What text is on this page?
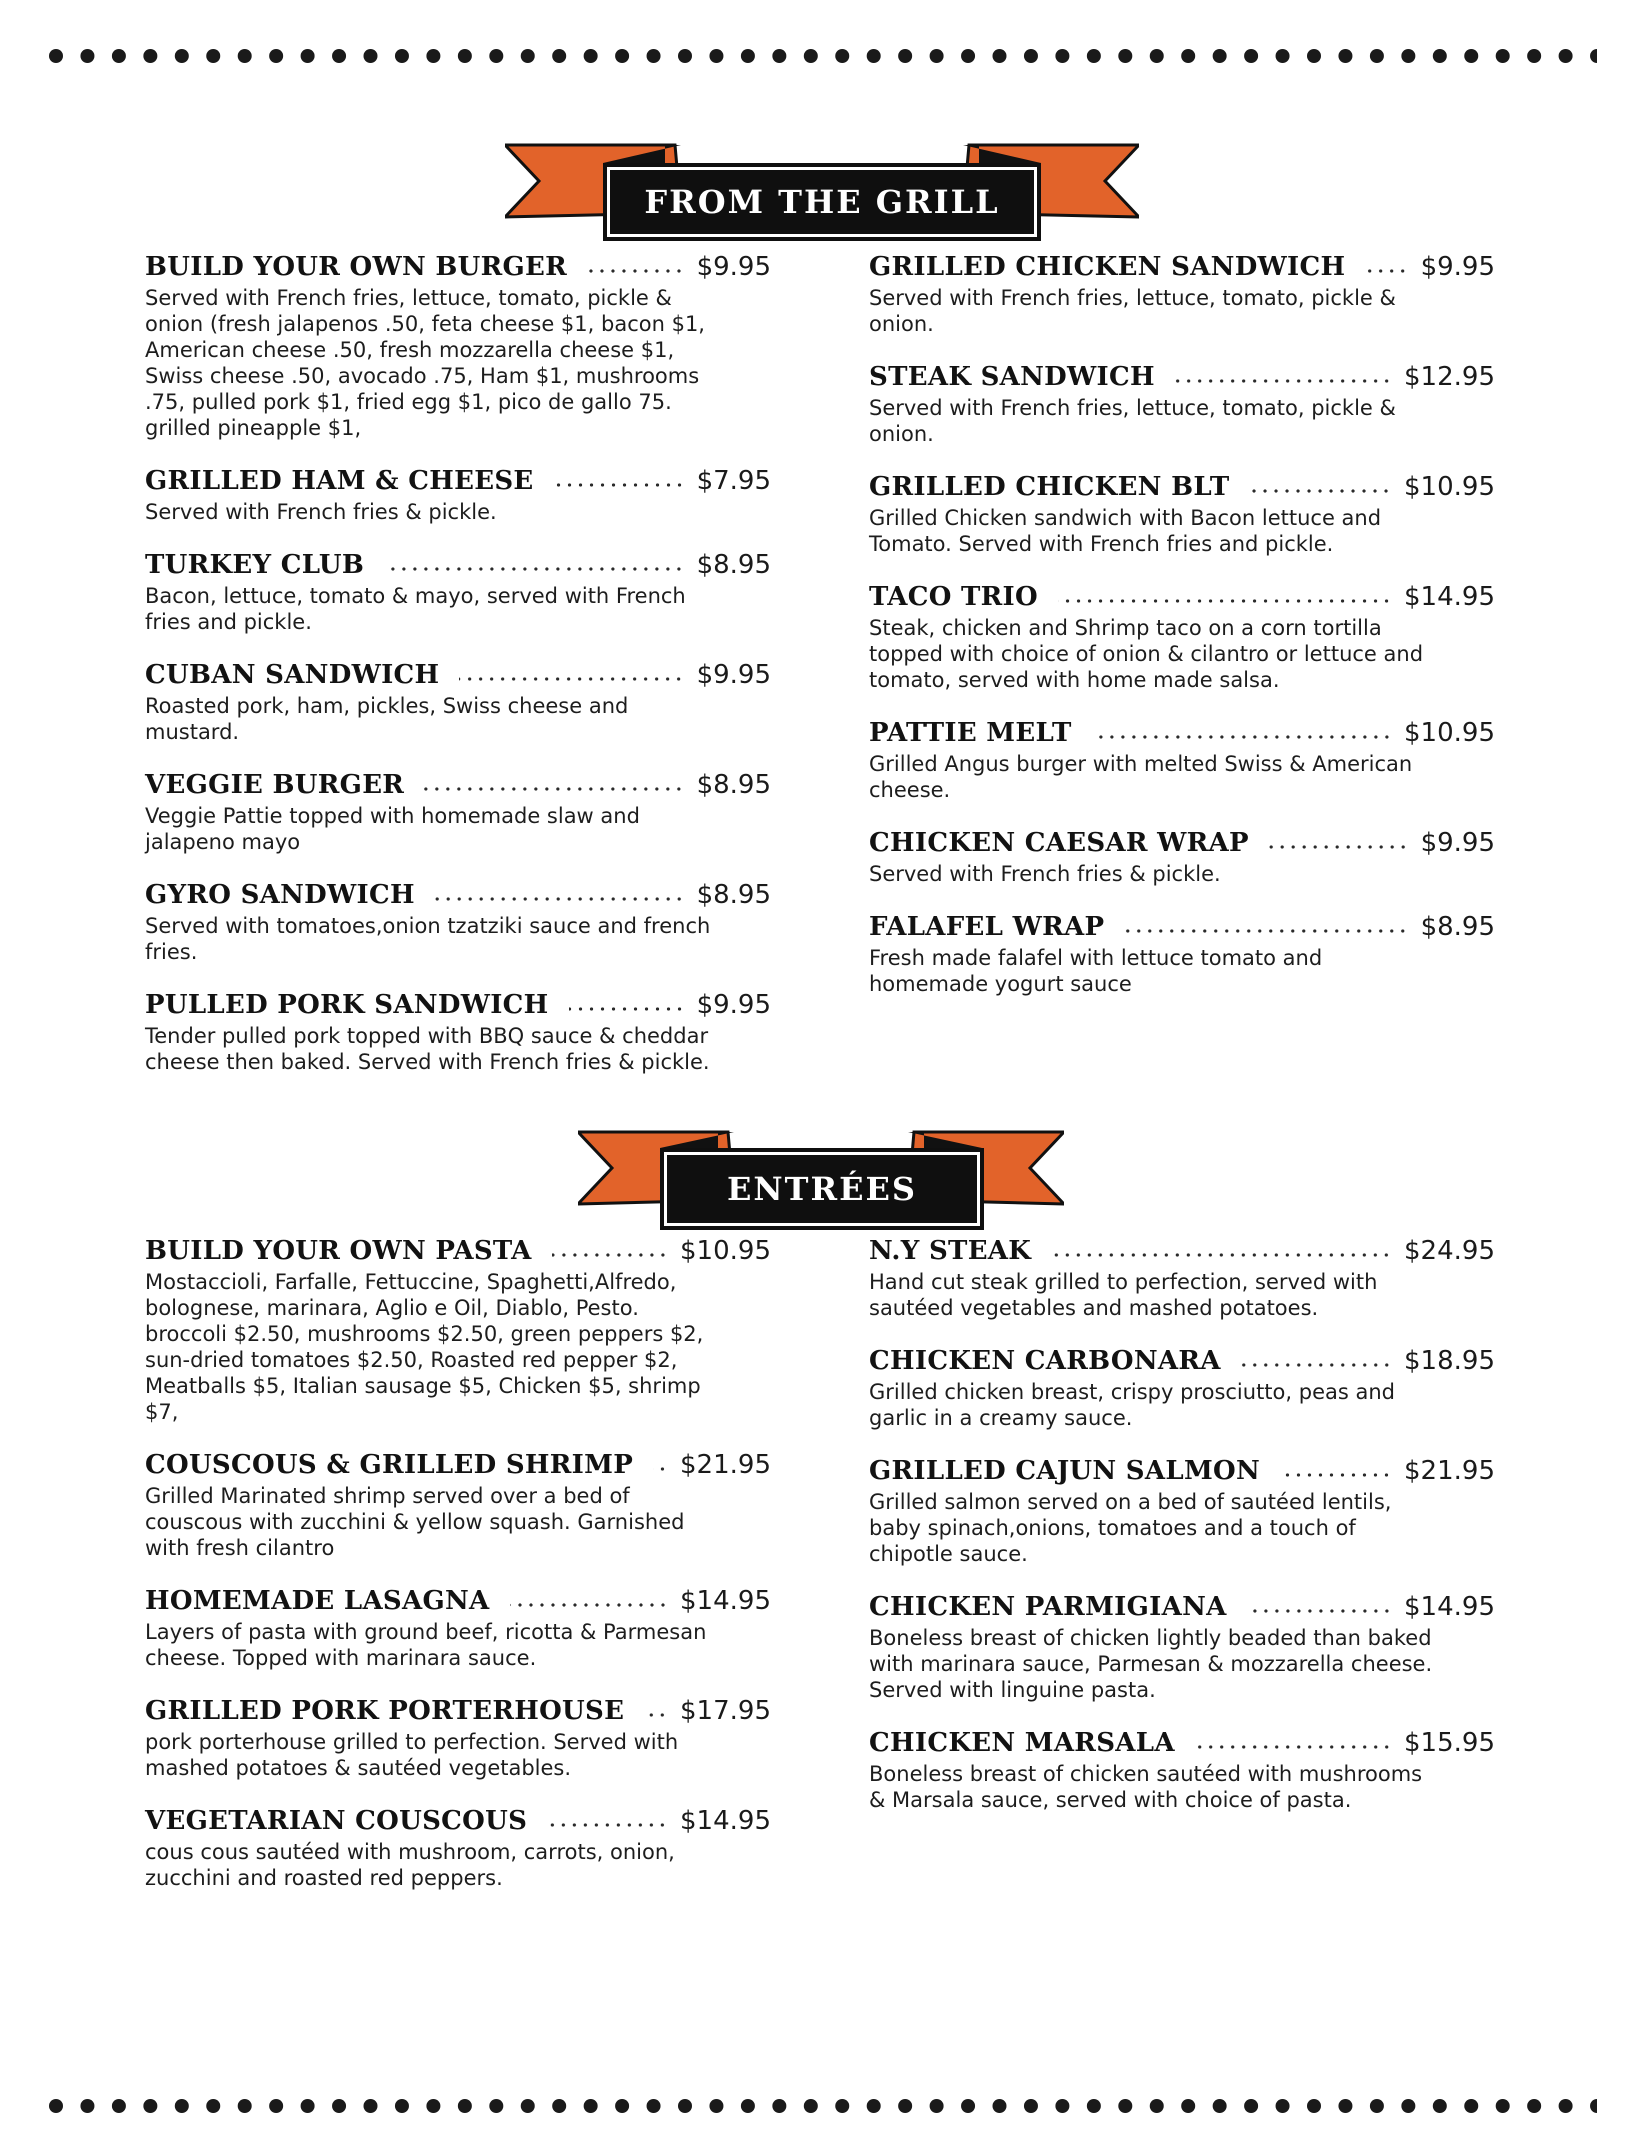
FROM THE GRILL
BUILD YOUR OWN BURGER	$9.95

Served with French fries, lettuce, tomato, pickle & onion (fresh jalapenos .50, feta cheese $1, bacon $1, American cheese .50, fresh mozzarella cheese $1, Swiss cheese .50, avocado .75, Ham $1, mushrooms .75, pulled pork $1, fried egg $1, pico de gallo 75. grilled pineapple $1,

GRILLED HAM & CHEESE	$7.95

Served with French fries & pickle.

TURKEY CLUB	$8.95

Bacon, lettuce, tomato & mayo, served with French fries and pickle.

CUBAN SANDWICH	$9.95

Roasted pork, ham, pickles, Swiss cheese and mustard.

VEGGIE BURGER	$8.95

Veggie Pattie topped with homemade slaw and jalapeno mayo

GYRO SANDWICH	$8.95

Served with tomatoes,onion tzatziki sauce and french fries.

PULLED PORK SANDWICH	$9.95

Tender pulled pork topped with BBQ sauce & cheddar cheese then baked. Served with French fries & pickle.

GRILLED CHICKEN SANDWICH	$9.95

Served with French fries, lettuce, tomato, pickle & onion.

STEAK SANDWICH	$12.95

Served with French fries, lettuce, tomato, pickle & onion.

GRILLED CHICKEN BLT	$10.95

Grilled Chicken sandwich with Bacon lettuce and Tomato. Served with French fries and pickle.

TACO TRIO	$14.95

Steak, chicken and Shrimp taco on a corn tortilla topped with choice of onion & cilantro or lettuce and tomato, served with home made salsa.

PATTIE MELT	$10.95

Grilled Angus burger with melted Swiss & American cheese.

CHICKEN CAESAR WRAP	$9.95

Served with French fries & pickle.

FALAFEL WRAP	$8.95

Fresh made falafel with lettuce tomato and homemade yogurt sauce

ENTRÉES
BUILD YOUR OWN PASTA	$10.95

Mostaccioli, Farfalle, Fettuccine, Spaghetti,Alfredo, bolognese, marinara, Aglio e Oil, Diablo, Pesto. broccoli $2.50, mushrooms $2.50, green peppers $2, sun-dried tomatoes $2.50, Roasted red pepper $2, Meatballs $5, Italian sausage $5, Chicken $5, shrimp $7,

COUSCOUS & GRILLED SHRIMP $21.95

Grilled Marinated shrimp served over a bed of couscous with zucchini & yellow squash. Garnished with fresh cilantro

HOMEMADE LASAGNA	$14.95

Layers of pasta with ground beef, ricotta & Parmesan cheese. Topped with marinara sauce.

GRILLED PORK PORTERHOUSE $17.95

pork porterhouse grilled to perfection. Served with mashed potatoes & sautéed vegetables.

VEGETARIAN COUSCOUS	$14.95

cous cous sautéed with mushroom, carrots, onion, zucchini and roasted red peppers.

N.Y STEAK	$24.95

Hand cut steak grilled to perfection, served with sautéed vegetables and mashed potatoes.

CHICKEN CARBONARA	$18.95

Grilled chicken breast, crispy prosciutto, peas and garlic in a creamy sauce.

GRILLED CAJUN SALMON	$21.95

Grilled salmon served on a bed of sautéed lentils, baby spinach,onions, tomatoes and a touch of chipotle sauce.

CHICKEN PARMIGIANA	$14.95

Boneless breast of chicken lightly beaded than baked with marinara sauce, Parmesan & mozzarella cheese. Served with linguine pasta.

CHICKEN MARSALA	$15.95

Boneless breast of chicken sautéed with mushrooms & Marsala sauce, served with choice of pasta.
